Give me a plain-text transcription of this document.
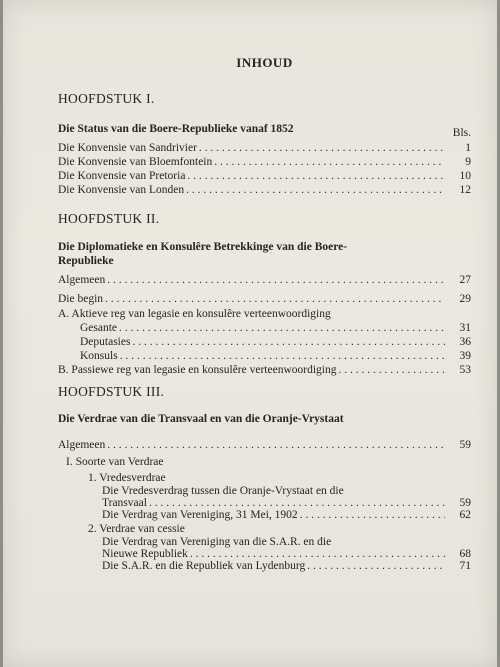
INHOUD
HOOFDSTUK I.
Die Status van die Boere-Republieke vanaf 1852	Bls.
Die Konvensie van Sandrivier . . .	1
Die Konvensie van Bloemfontein . . .	9
Die Konvensie van Pretoria . . .	10
Die Konvensie van Londen . . .	12
HOOFDSTUK II.
Die Diplomatieke en Konsulêre Betrekkinge van die Boere-
Republieke
Algemeen . . .	27
Die begin . . .	29
A. Aktieve reg van legasie en konsulêre verteenwoordiging
Gesante . . .	31
Deputasies . . .	36
Konsuls . . .	39
B. Passiewe reg van legasie en konsulêre verteenwoordiging . . .	53
HOOFDSTUK III.
Die Verdrae van die Transvaal en van die Oranje-Vrystaat
Algemeen . . .	59
I. Soorte van Verdrae
1. Vredesverdrae
Die Vredesverdrag tussen die Oranje-Vrystaat en die
Transvaal . . .	59
Die Verdrag van Vereniging, 31 Mei, 1902 . . .	62
2. Verdrae van cessie
Die Verdrag van Vereniging van die S.A.R. en die
Nieuwe Republiek . . .	68
Die S.A.R. en die Republiek van Lydenburg . . .	71
